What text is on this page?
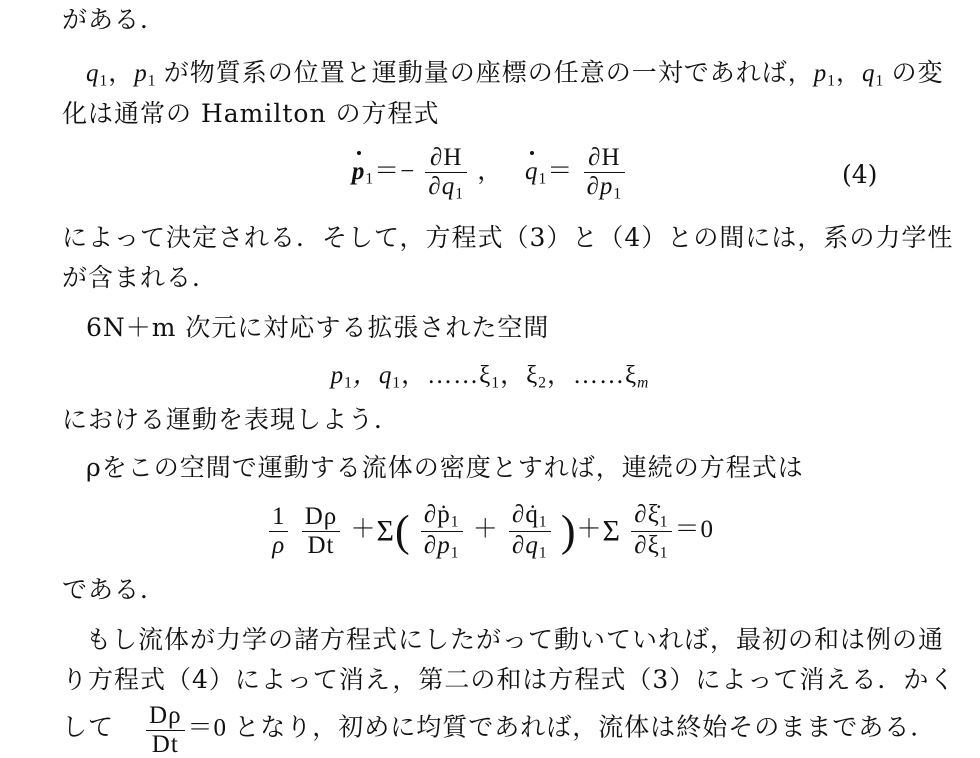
がある．
$q_1$，$p_1$ が物質系の位置と運動量の座標の任意の一対であれば，$p_1$，$q_1$ の変
化は通常の Hamilton の方程式
$p_1=- \frac{\partial H}{\partial q_1}$ ， $q_1= \frac{\partial H}{\partial p_1}$	(4)
によって決定される．そして，方程式（3）と（4）との間には，系の力学性
が含まれる．
6N＋m 次元に対応する拡張された空間
$p_1$，$q_1$，$\dots\dots\xi_1$，$\xi_2$，$\dots\dots\xi_m$
における運動を表現しよう．
ρをこの空間で運動する流体の密度とすれば，連続の方程式は
$\frac{1}{\rho}$
$\frac{D\rho}{Dt} +\Sigma( \frac{\partial ṗ_1}{\partial p_1} + \frac{\partial q̇_1}{\partial q_1} )+\Sigma \frac{\partial\xi̇_1}{\partial\xi_1} =0$
である．
もし流体が力学の諸方程式にしたがって動いていれば，最初の和は例の通
り方程式（4）によって消え，第二の和は方程式（3）によって消える．かく
して $\frac{D\rho}{Dt} =0$ となり，初めに均質であれば，流体は終始そのままである．
